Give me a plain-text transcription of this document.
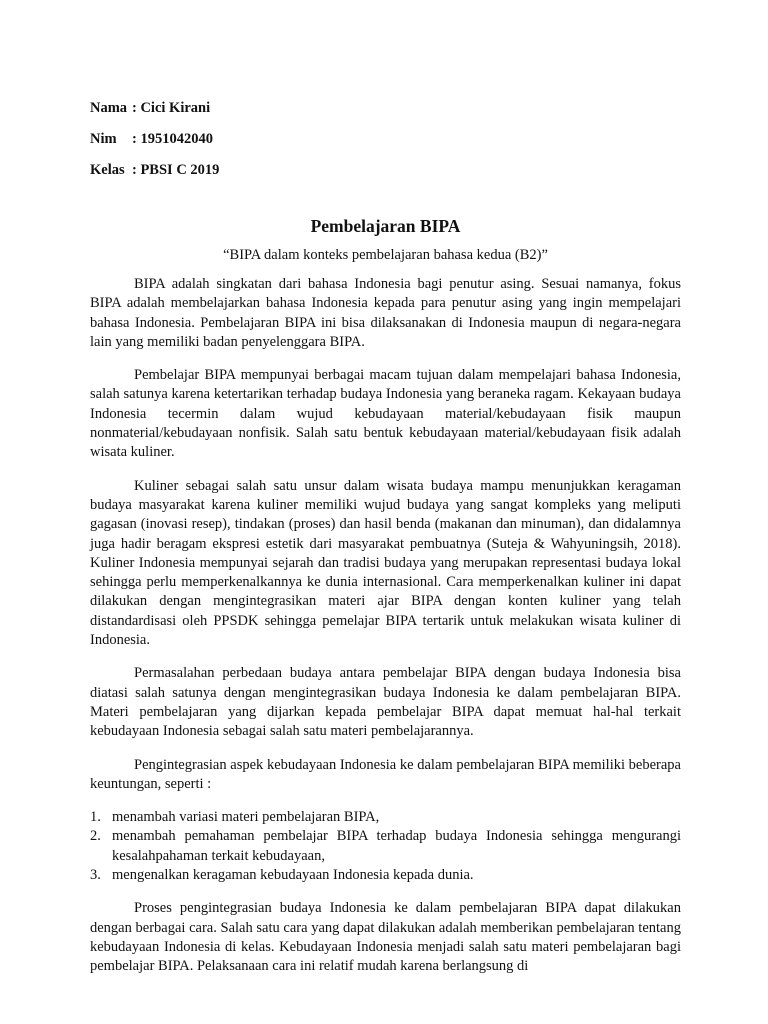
Nama : Cici Kirani
Nim	: 1951042040
Kelas : PBSI C 2019
Pembelajaran BIPA

“BIPA dalam konteks pembelajaran bahasa kedua (B2)”

BIPA adalah singkatan dari bahasa Indonesia bagi penutur asing. Sesuai namanya, fokus BIPA adalah membelajarkan bahasa Indonesia kepada para penutur asing yang ingin mempelajari bahasa Indonesia. Pembelajaran BIPA ini bisa dilaksanakan di Indonesia maupun di negara-negara lain yang memiliki badan penyelenggara BIPA.

Pembelajar BIPA mempunyai berbagai macam tujuan dalam mempelajari bahasa Indonesia, salah satunya karena ketertarikan terhadap budaya Indonesia yang beraneka ragam. Kekayaan budaya Indonesia tecermin dalam wujud kebudayaan material/kebudayaan fisik maupun nonmaterial/kebudayaan nonfisik. Salah satu bentuk kebudayaan material/kebudayaan fisik adalah wisata kuliner.

Kuliner sebagai salah satu unsur dalam wisata budaya mampu menunjukkan keragaman budaya masyarakat karena kuliner memiliki wujud budaya yang sangat kompleks yang meliputi gagasan (inovasi resep), tindakan (proses) dan hasil benda (makanan dan minuman), dan didalamnya juga hadir beragam ekspresi estetik dari masyarakat pembuatnya (Suteja & Wahyuningsih, 2018). Kuliner Indonesia mempunyai sejarah dan tradisi budaya yang merupakan representasi budaya lokal sehingga perlu memperkenalkannya ke dunia internasional. Cara memperkenalkan kuliner ini dapat dilakukan dengan mengintegrasikan materi ajar BIPA dengan konten kuliner yang telah distandardisasi oleh PPSDK sehingga pemelajar BIPA tertarik untuk melakukan wisata kuliner di Indonesia.

Permasalahan perbedaan budaya antara pembelajar BIPA dengan budaya Indonesia bisa diatasi salah satunya dengan mengintegrasikan budaya Indonesia ke dalam pembelajaran BIPA. Materi pembelajaran yang dijarkan kepada pembelajar BIPA dapat memuat hal-hal terkait kebudayaan Indonesia sebagai salah satu materi pembelajarannya.

Pengintegrasian aspek kebudayaan Indonesia ke dalam pembelajaran BIPA memiliki beberapa keuntungan, seperti :

1. menambah variasi materi pembelajaran BIPA,
2. menambah pemahaman pembelajar BIPA terhadap budaya Indonesia sehingga mengurangi kesalahpahaman terkait kebudayaan,
3. mengenalkan keragaman kebudayaan Indonesia kepada dunia.

Proses pengintegrasian budaya Indonesia ke dalam pembelajaran BIPA dapat dilakukan dengan berbagai cara. Salah satu cara yang dapat dilakukan adalah memberikan pembelajaran tentang kebudayaan Indonesia di kelas. Kebudayaan Indonesia menjadi salah satu materi pembelajaran bagi pembelajar BIPA. Pelaksanaan cara ini relatif mudah karena berlangsung di
